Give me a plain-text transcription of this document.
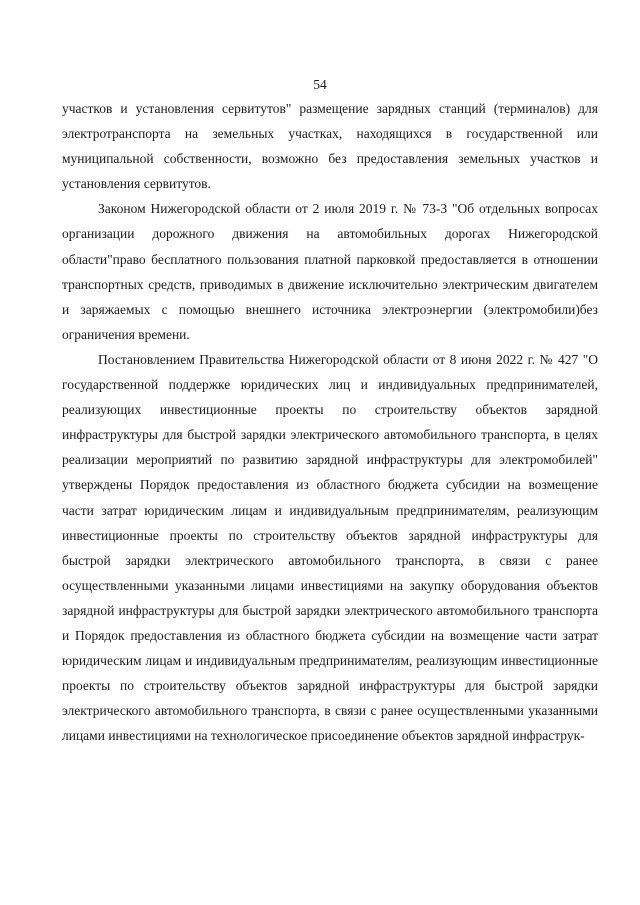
54

участков и установления сервитутов" размещение зарядных станций (терминалов) для электротранспорта на земельных участках, находящихся в государственной или муниципальной собственности, возможно без предоставления земельных участков и установления сервитутов.

Законом Нижегородской области от 2 июля 2019 г. № 73-З "Об отдельных вопросах организации дорожного движения на автомобильных дорогах Нижегородской области"право бесплатного пользования платной парковкой предоставляется в отношении транспортных средств, приводимых в движение исключительно электрическим двигателем и заряжаемых с помощью внешнего источника электроэнергии (электромобили)без ограничения времени.

Постановлением Правительства Нижегородской области от 8 июня 2022 г. № 427 "О государственной поддержке юридических лиц и индивидуальных предпринимателей, реализующих инвестиционные проекты по строительству объектов зарядной инфраструктуры для быстрой зарядки электрического автомобильного транспорта, в целях реализации мероприятий по развитию зарядной инфраструктуры для электромобилей" утверждены Порядок предоставления из областного бюджета субсидии на возмещение части затрат юридическим лицам и индивидуальным предпринимателям, реализующим инвестиционные проекты по строительству объектов зарядной инфраструктуры для быстрой зарядки электрического автомобильного транспорта, в связи с ранее осуществленными указанными лицами инвестициями на закупку оборудования объектов зарядной инфраструктуры для быстрой зарядки электрического автомобильного транспорта и Порядок предоставления из областного бюджета субсидии на возмещение части затрат юридическим лицам и индивидуальным предпринимателям, реализующим инвестиционные проекты по строительству объектов зарядной инфраструктуры для быстрой зарядки электрического автомобильного транспорта, в связи с ранее осуществленными указанными лицами инвестициями на технологическое присоединение объектов зарядной инфраструк-
